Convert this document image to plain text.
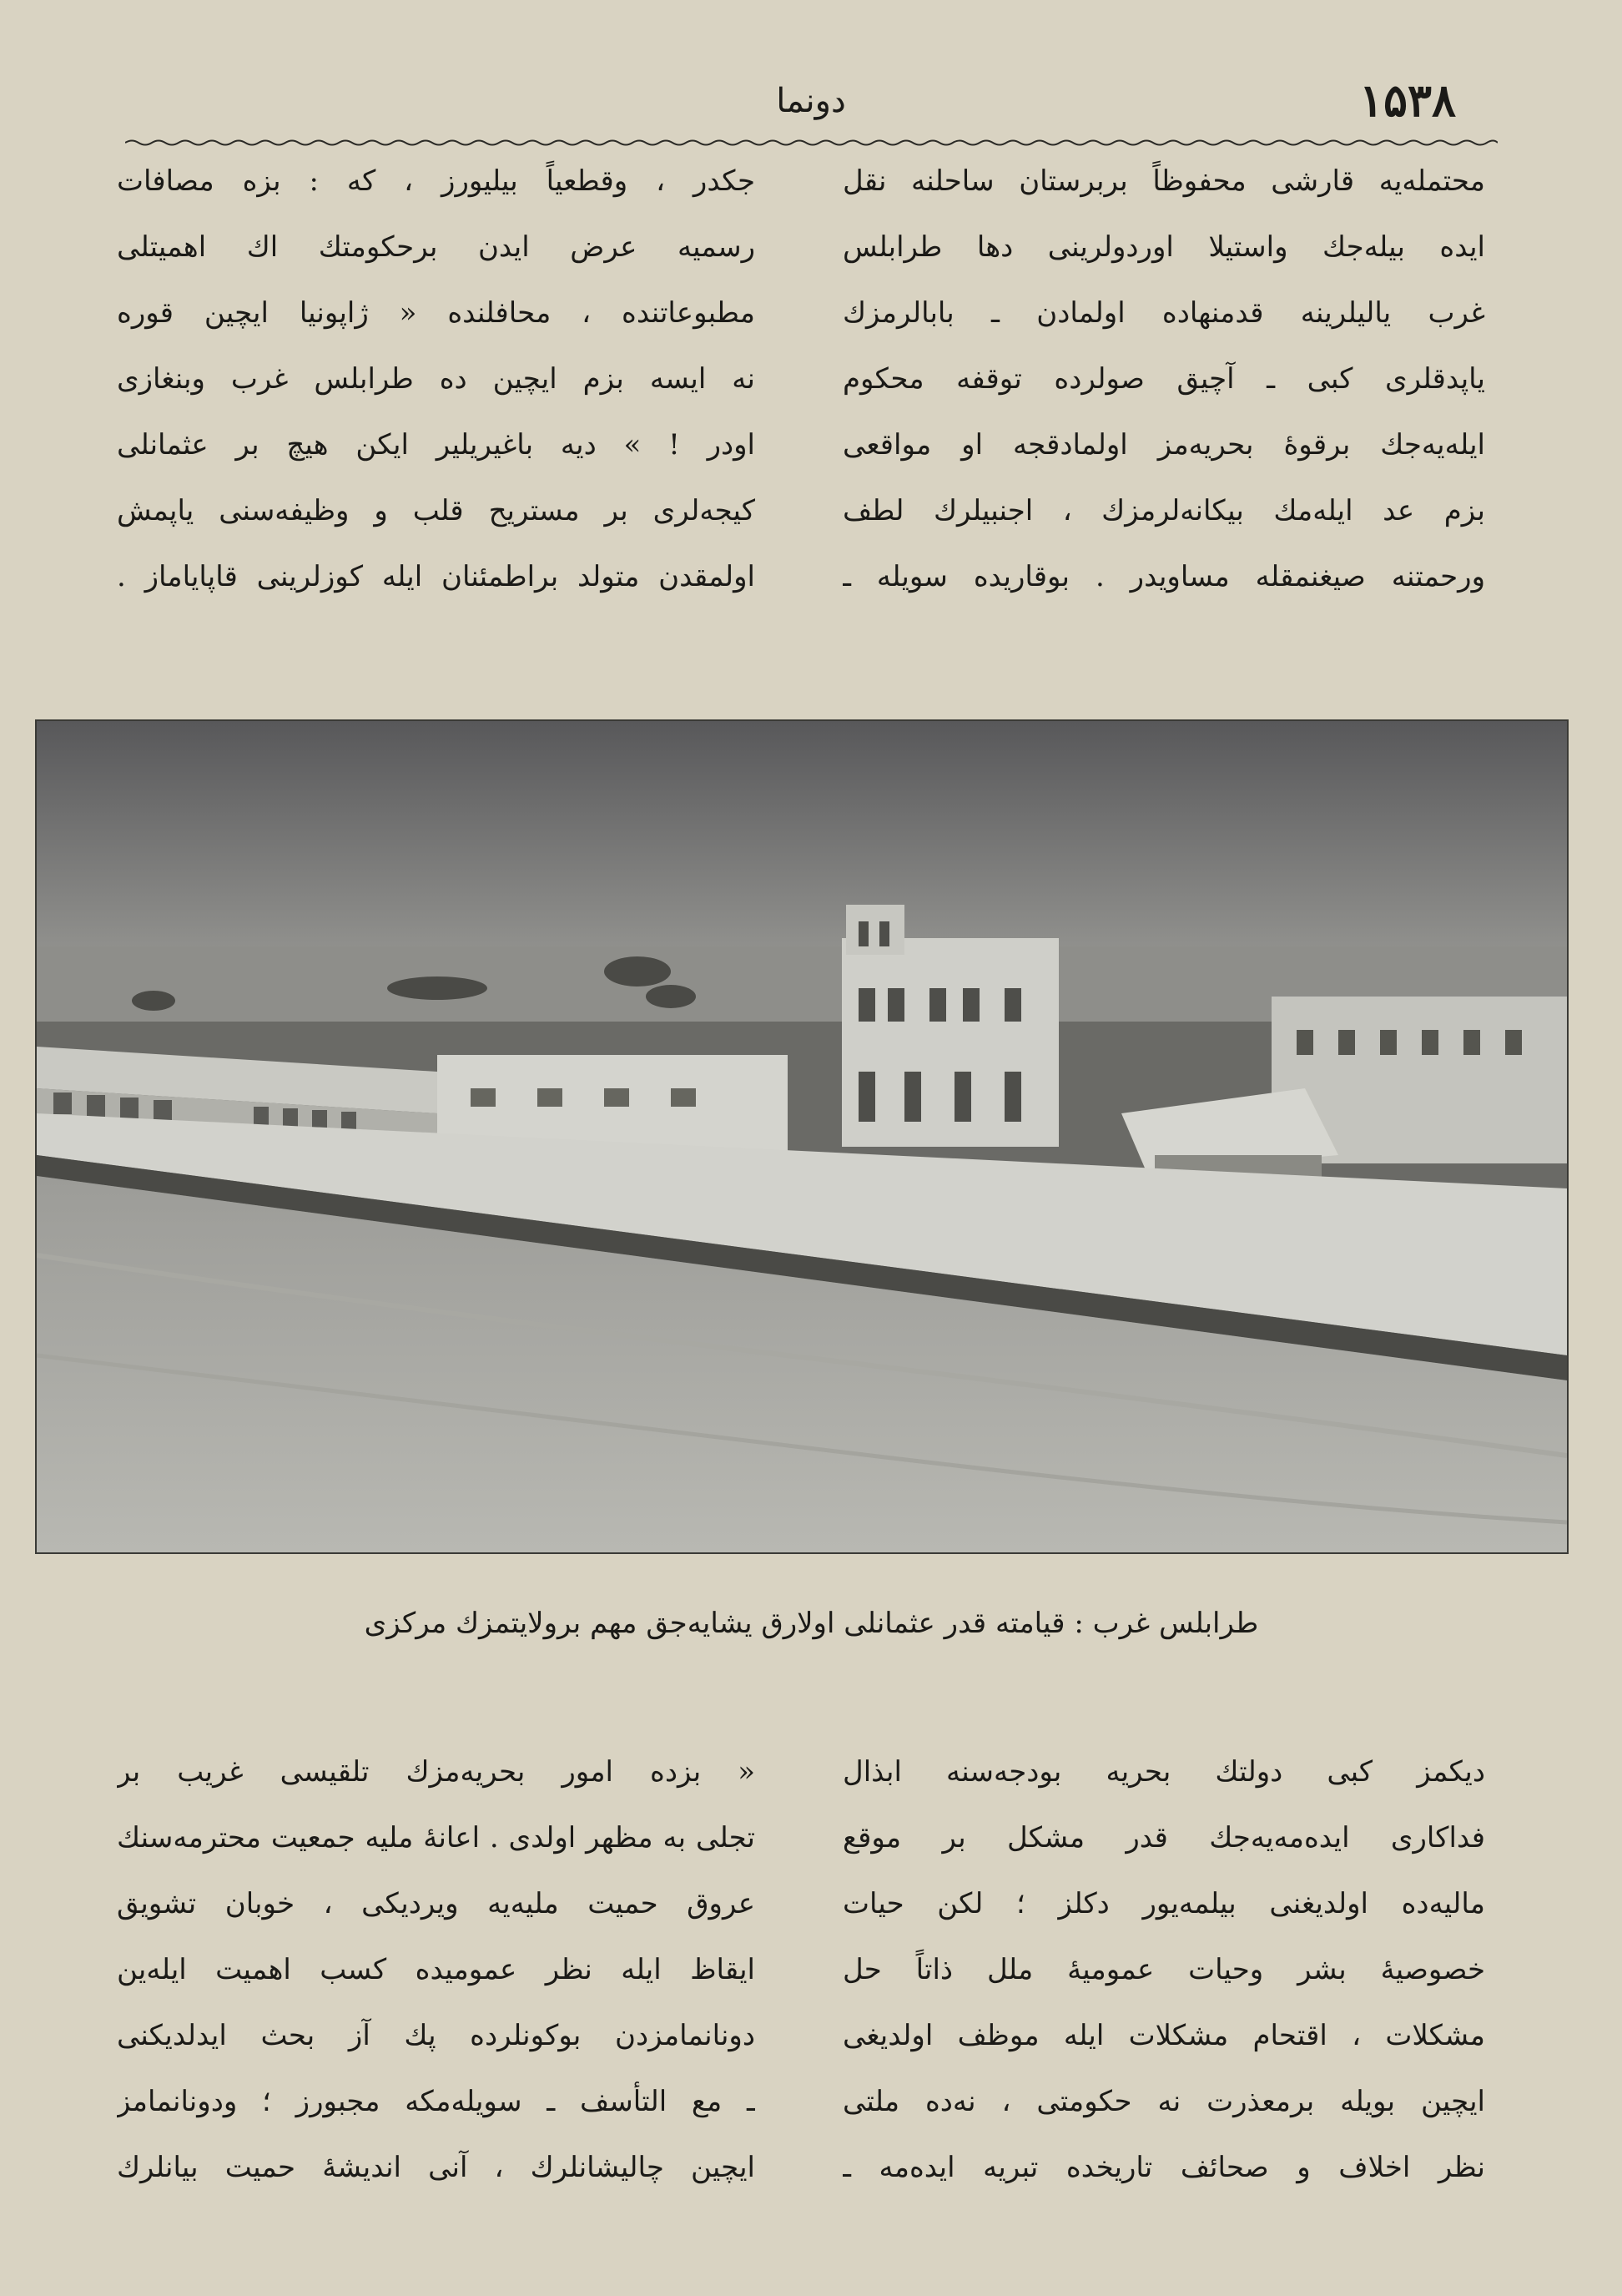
۱۵۳۸
دونما
محتمله‌یه قارشی محفوظاً بربرستان ساحلنه نقل
ایده بیله‌جك واستیلا اوردولرینی دها طرابلس
غرب یالیلرینه قدمنهاده اولمادن ـ بابالرمزك
یاپدقلری كبی ـ آچیق صولرده توقفه محكوم
ایله‌یه‌جك برقوۀ بحریه‌مز اولمادقجه او مواقعی
بزم عد ایله‌مك بیكانه‌لرمزك ، اجنبیلرك لطف
ورحمتنه صیغنمقله مساویدر . بوقاریده سویله ـ
جكدر ، وقطعیاً بیلیورز ، كه : بزه مصافات
رسمیه عرض ایدن برحكومتك اك اهمیتلی
مطبوعاتنده ، محافلنده « ژاپونیا ایچین قوره
نه ایسه بزم ایچین ده طرابلس غرب وبنغازی
اودر ! » دیه باغیریلیر ایكن هیچ بر عثمانلی
كیجه‌لری بر مستریح قلب و وظیفه‌سنی یاپمش
اولمقدن متولد براطمئنان ایله كوزلرینی قاپایاماز .
طرابلس غرب : قیامته قدر عثمانلی اولارق یشایه‌جق مهم برولایتمزك مركزی
دیكمز كبی دولتك بحریه بودجه‌سنه ابذال
فداكاری ایده‌مه‌یه‌جك قدر مشكل بر موقع
مالیه‌ده اولدیغنی بیلمه‌یور دكلز ؛ لكن حیات
خصوصیۀ بشر وحیات عمومیۀ ملل ذاتاً حل
مشكلات ، اقتحام مشكلات ایله موظف اولدیغی
ایچین بویله برمعذرت نه حكومتی ، نه‌ده ملتی
نظر اخلاف و صحائف تاریخده تبریه ایده‌مه ـ
« بزده امور بحریه‌مزك تلقیسی غریب بر
تجلی به مظهر اولدی . اعانۀ ملیه جمعیت محترمه‌سنك
عروق حمیت ملیه‌یه ویردیكی ، خوبان تشویق
ایقاظ ایله نظر عمومیده كسب اهمیت ایله‌ین
دونانمامزدن بوكونلرده پك آز بحث ایدلدیكنی
ـ مع التأسف ـ سویله‌مكه مجبورز ؛ ودونانمامز
ایچین چالیشانلرك ، آنی اندیشۀ حمیت بیانلرك
